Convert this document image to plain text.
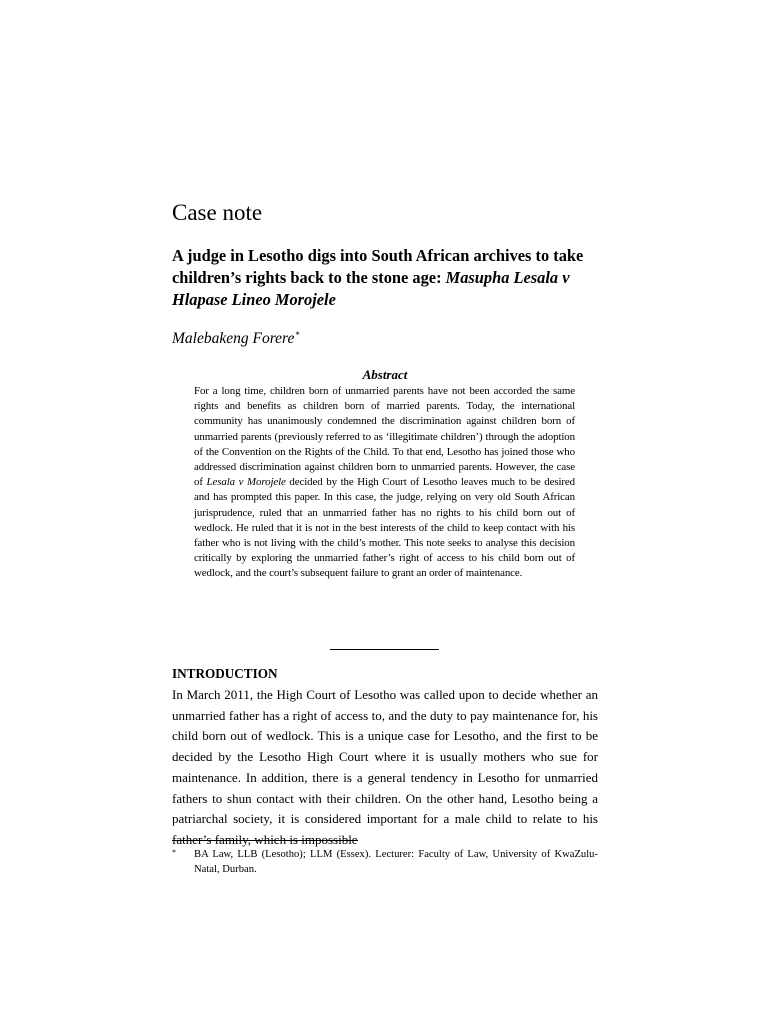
Case note
A judge in Lesotho digs into South African archives to take children’s rights back to the stone age: Masupha Lesala v Hlapase Lineo Morojele
Malebakeng Forere*
Abstract

For a long time, children born of unmarried parents have not been accorded the same rights and benefits as children born of married parents. Today, the international community has unanimously condemned the discrimination against children born of unmarried parents (previously referred to as ‘illegitimate children’) through the adoption of the Convention on the Rights of the Child. To that end, Lesotho has joined those who addressed discrimination against children born to unmarried parents. However, the case of Lesala v Morojele decided by the High Court of Lesotho leaves much to be desired and has prompted this paper. In this case, the judge, relying on very old South African jurisprudence, ruled that an unmarried father has no rights to his child born out of wedlock. He ruled that it is not in the best interests of the child to keep contact with his father who is not living with the child’s mother. This note seeks to analyse this decision critically by exploring the unmarried father’s right of access to his child born out of wedlock, and the court’s subsequent failure to grant an order of maintenance.

INTRODUCTION

In March 2011, the High Court of Lesotho was called upon to decide whether an unmarried father has a right of access to, and the duty to pay maintenance for, his child born out of wedlock. This is a unique case for Lesotho, and the first to be decided by the Lesotho High Court where it is usually mothers who sue for maintenance. In addition, there is a general tendency in Lesotho for unmarried fathers to shun contact with their children. On the other hand, Lesotho being a patriarchal society, it is considered important for a male child to relate to his father’s family, which is impossible

* BA Law, LLB (Lesotho); LLM (Essex). Lecturer: Faculty of Law, University of KwaZulu-Natal, Durban.
